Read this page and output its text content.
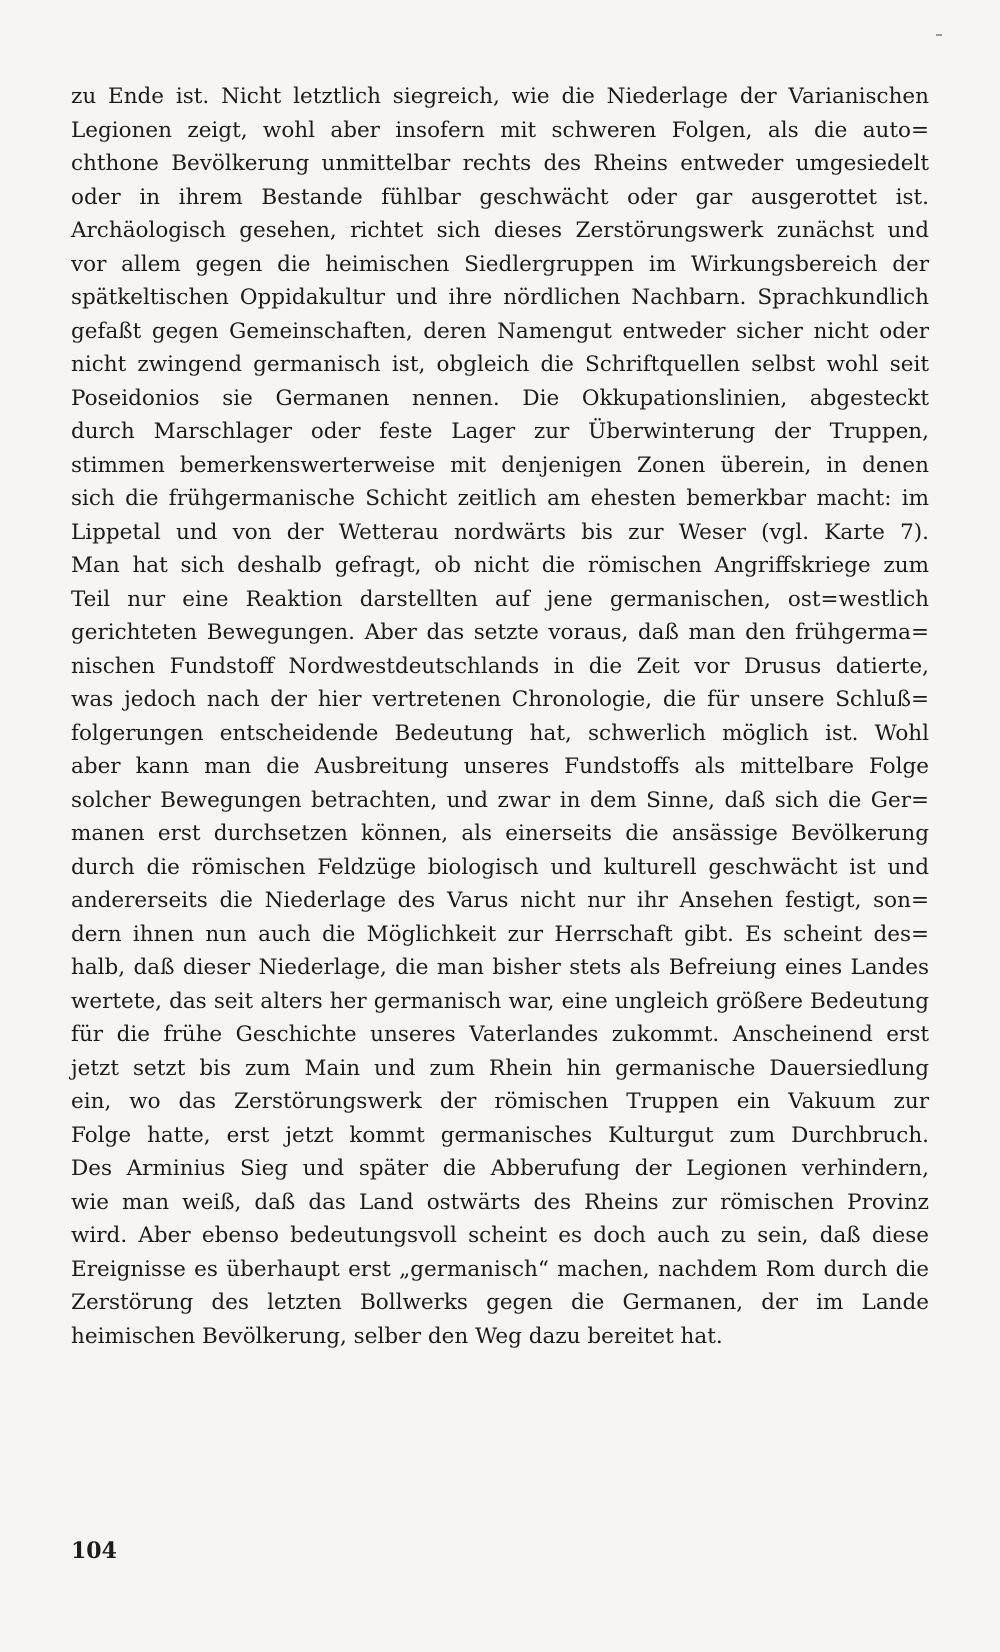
zu Ende ist. Nicht letztlich siegreich, wie die Niederlage der Varianischen
Legionen zeigt, wohl aber insofern mit schweren Folgen, als die auto=
chthone Bevölkerung unmittelbar rechts des Rheins entweder umgesiedelt
oder in ihrem Bestande fühlbar geschwächt oder gar ausgerottet ist.
Archäologisch gesehen, richtet sich dieses Zerstörungswerk zunächst und
vor allem gegen die heimischen Siedlergruppen im Wirkungsbereich der
spätkeltischen Oppidakultur und ihre nördlichen Nachbarn. Sprachkundlich
gefaßt gegen Gemeinschaften, deren Namengut entweder sicher nicht oder
nicht zwingend germanisch ist, obgleich die Schriftquellen selbst wohl seit
Poseidonios sie Germanen nennen. Die Okkupationslinien, abgesteckt
durch Marschlager oder feste Lager zur Überwinterung der Truppen,
stimmen bemerkenswerterweise mit denjenigen Zonen überein, in denen
sich die frühgermanische Schicht zeitlich am ehesten bemerkbar macht: im
Lippetal und von der Wetterau nordwärts bis zur Weser (vgl. Karte 7).
Man hat sich deshalb gefragt, ob nicht die römischen Angriffskriege zum
Teil nur eine Reaktion darstellten auf jene germanischen, ost=westlich
gerichteten Bewegungen. Aber das setzte voraus, daß man den frühgerma=
nischen Fundstoff Nordwestdeutschlands in die Zeit vor Drusus datierte,
was jedoch nach der hier vertretenen Chronologie, die für unsere Schluß=
folgerungen entscheidende Bedeutung hat, schwerlich möglich ist. Wohl
aber kann man die Ausbreitung unseres Fundstoffs als mittelbare Folge
solcher Bewegungen betrachten, und zwar in dem Sinne, daß sich die Ger=
manen erst durchsetzen können, als einerseits die ansässige Bevölkerung
durch die römischen Feldzüge biologisch und kulturell geschwächt ist und
andererseits die Niederlage des Varus nicht nur ihr Ansehen festigt, son=
dern ihnen nun auch die Möglichkeit zur Herrschaft gibt. Es scheint des=
halb, daß dieser Niederlage, die man bisher stets als Befreiung eines Landes
wertete, das seit alters her germanisch war, eine ungleich größere Bedeutung
für die frühe Geschichte unseres Vaterlandes zukommt. Anscheinend erst
jetzt setzt bis zum Main und zum Rhein hin germanische Dauersiedlung
ein, wo das Zerstörungswerk der römischen Truppen ein Vakuum zur
Folge hatte, erst jetzt kommt germanisches Kulturgut zum Durchbruch.
Des Arminius Sieg und später die Abberufung der Legionen verhindern,
wie man weiß, daß das Land ostwärts des Rheins zur römischen Provinz
wird. Aber ebenso bedeutungsvoll scheint es doch auch zu sein, daß diese
Ereignisse es überhaupt erst „germanisch“ machen, nachdem Rom durch die
Zerstörung des letzten Bollwerks gegen die Germanen, der im Lande
heimischen Bevölkerung, selber den Weg dazu bereitet hat.
104
